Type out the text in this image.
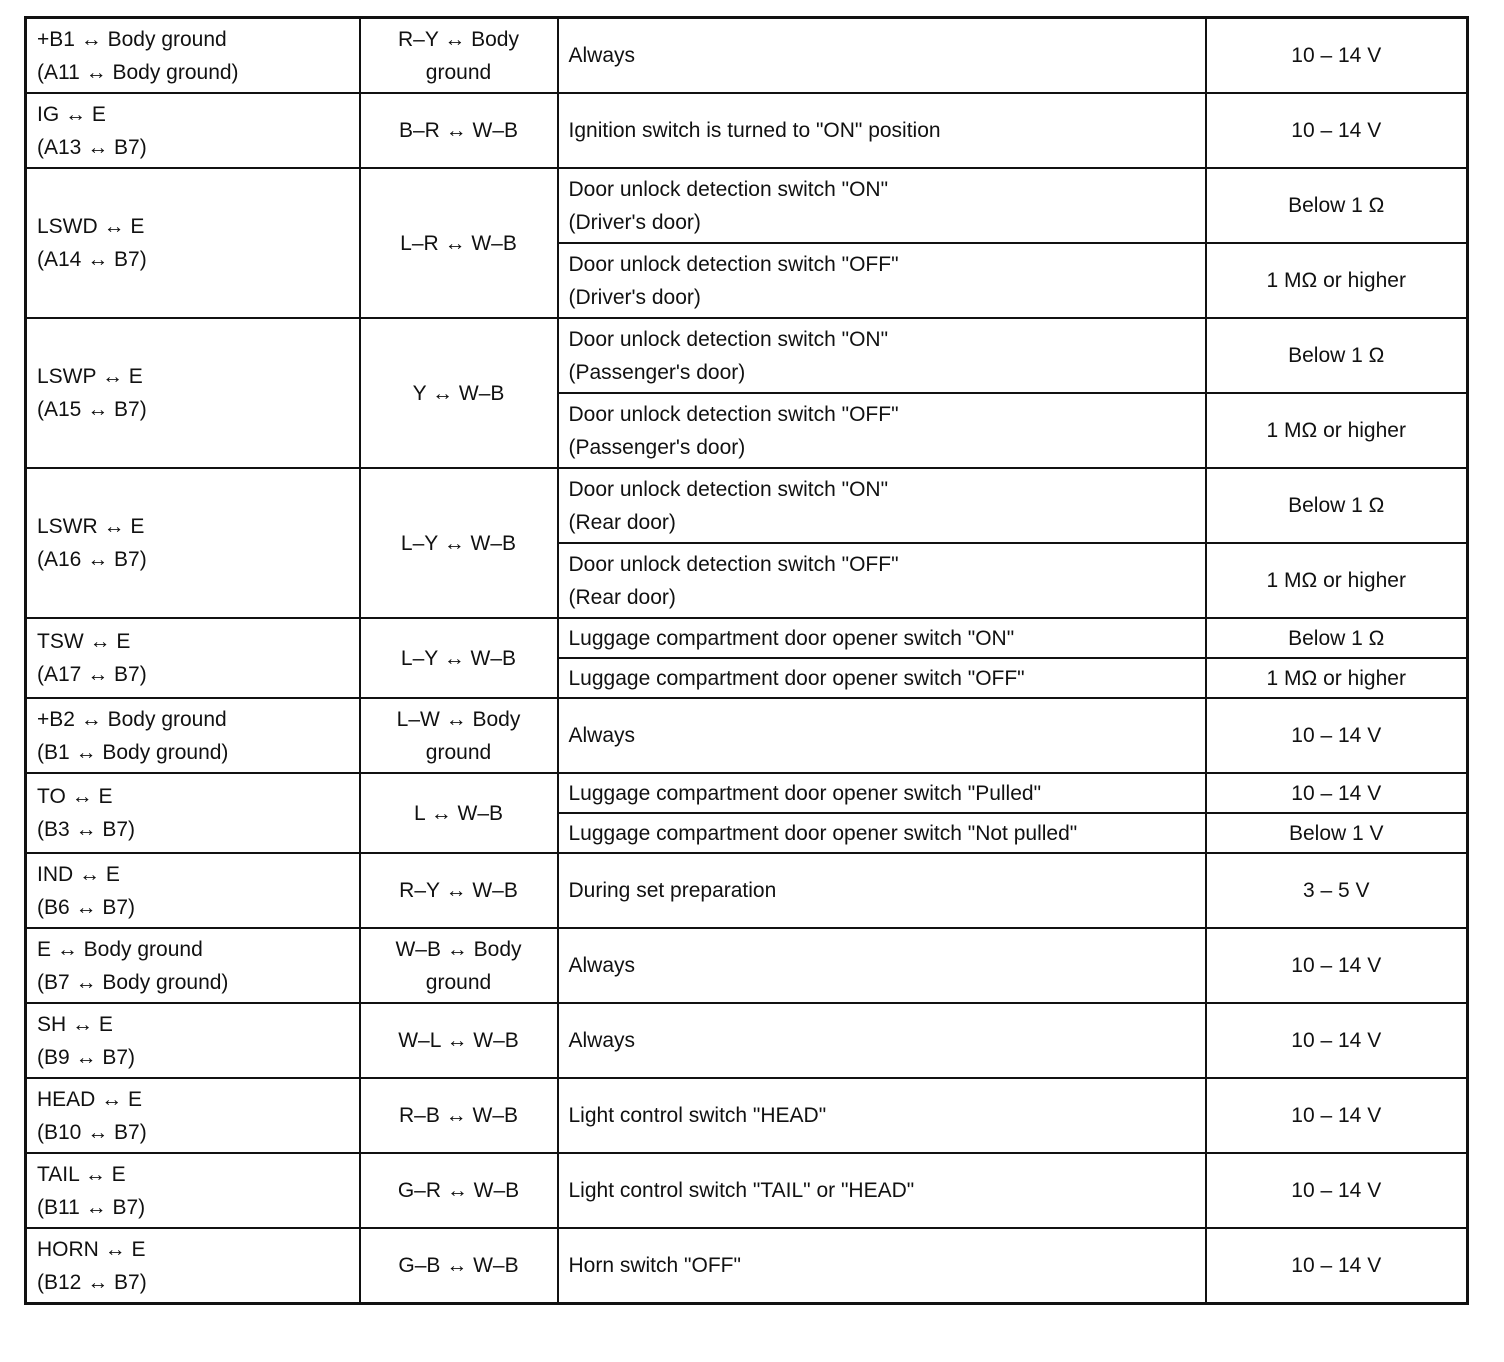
+B1 ↔ Body ground
(A11 ↔ Body ground)	R–Y ↔ Body
ground	Always	10 – 14 V

IG ↔ E
(A13 ↔ B7)	B–R ↔ W–B	Ignition switch is turned to "ON" position	10 – 14 V

LSWD ↔ E
(A14 ↔ B7)	L–R ↔ W–B	Door unlock detection switch "ON"
(Driver's door)	Below 1 Ω

		Door unlock detection switch "OFF"
(Driver's door)	1 MΩ or higher

LSWP ↔ E
(A15 ↔ B7)	Y ↔ W–B	Door unlock detection switch "ON"
(Passenger's door)	Below 1 Ω

		Door unlock detection switch "OFF"
(Passenger's door)	1 MΩ or higher

LSWR ↔ E
(A16 ↔ B7)	L–Y ↔ W–B	Door unlock detection switch "ON"
(Rear door)	Below 1 Ω

		Door unlock detection switch "OFF"
(Rear door)	1 MΩ or higher

TSW ↔ E
(A17 ↔ B7)	L–Y ↔ W–B	Luggage compartment door opener switch "ON"	Below 1 Ω

		Luggage compartment door opener switch "OFF"	1 MΩ or higher

+B2 ↔ Body ground
(B1 ↔ Body ground)	L–W ↔ Body
ground	Always	10 – 14 V

TO ↔ E
(B3 ↔ B7)	L ↔ W–B	Luggage compartment door opener switch "Pulled"	10 – 14 V

		Luggage compartment door opener switch "Not pulled"	Below 1 V

IND ↔ E
(B6 ↔ B7)	R–Y ↔ W–B	During set preparation	3 – 5 V

E ↔ Body ground
(B7 ↔ Body ground)	W–B ↔ Body
ground	Always	10 – 14 V

SH ↔ E
(B9 ↔ B7)	W–L ↔ W–B	Always	10 – 14 V

HEAD ↔ E
(B10 ↔ B7)	R–B ↔ W–B	Light control switch "HEAD"	10 – 14 V

TAIL ↔ E
(B11 ↔ B7)	G–R ↔ W–B	Light control switch "TAIL" or "HEAD"	10 – 14 V

HORN ↔ E
(B12 ↔ B7)	G–B ↔ W–B	Horn switch "OFF"	10 – 14 V
